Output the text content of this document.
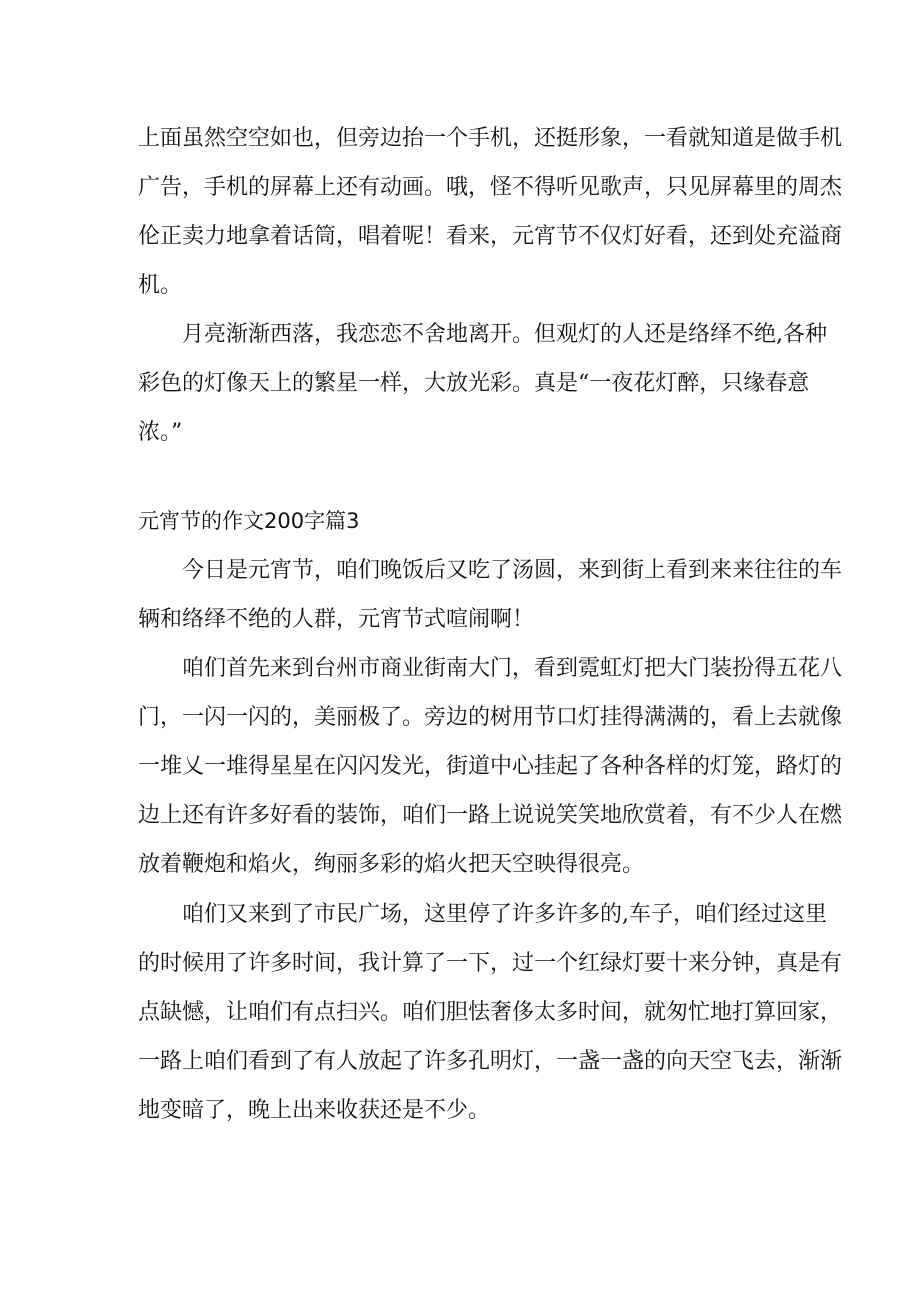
上面虽然空空如也，但旁边抬一个手机，还挺形象，一看就知道是做手机
广告，手机的屏幕上还有动画。哦，怪不得听见歌声，只见屏幕里的周杰
伦正卖力地拿着话筒，唱着呢！看来，元宵节不仅灯好看，还到处充溢商
机。
月亮渐渐西落，我恋恋不舍地离开。但观灯的人还是络绎不绝,各种
彩色的灯像天上的繁星一样，大放光彩。真是“一夜花灯醉，只缘春意
浓。”
元宵节的作文200字篇3
今日是元宵节，咱们晚饭后又吃了汤圆，来到街上看到来来往往的车
辆和络绎不绝的人群，元宵节式喧闹啊！
咱们首先来到台州市商业街南大门，看到霓虹灯把大门装扮得五花八
门，一闪一闪的，美丽极了。旁边的树用节口灯挂得满满的，看上去就像
一堆乂一堆得星星在闪闪发光，街道中心挂起了各种各样的灯笼，路灯的
边上还有许多好看的装饰，咱们一路上说说笑笑地欣赏着，有不少人在燃
放着鞭炮和焰火，绚丽多彩的焰火把天空映得很亮。
咱们又来到了市民广场，这里停了许多许多的,车子，咱们经过这里
的时候用了许多时间，我计算了一下，过一个红绿灯要十来分钟，真是有
点缺憾，让咱们有点扫兴。咱们胆怯奢侈太多时间，就匆忙地打算回家，
一路上咱们看到了有人放起了许多孔明灯，一盏一盏的向天空飞去，渐渐
地变暗了，晚上出来收获还是不少。
